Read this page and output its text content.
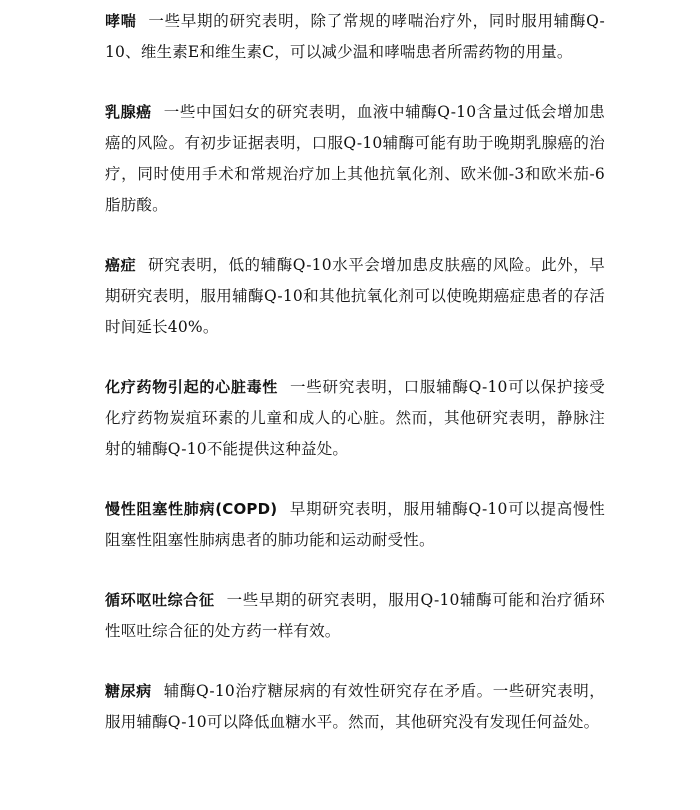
哮喘 一些早期的研究表明，除了常规的哮喘治疗外，同时服用辅酶Q-10、维生素E和维生素C，可以减少温和哮喘患者所需药物的用量。

乳腺癌 一些中国妇女的研究表明，血液中辅酶Q-10含量过低会增加患癌的风险。有初步证据表明，口服Q-10辅酶可能有助于晚期乳腺癌的治疗，同时使用手术和常规治疗加上其他抗氧化剂、欧米伽-3和欧米茄-6脂肪酸。

癌症 研究表明，低的辅酶Q-10水平会增加患皮肤癌的风险。此外，早期研究表明，服用辅酶Q-10和其他抗氧化剂可以使晚期癌症患者的存活时间延长40%。

化疗药物引起的心脏毒性 一些研究表明，口服辅酶Q-10可以保护接受化疗药物炭疽环素的儿童和成人的心脏。然而，其他研究表明，静脉注射的辅酶Q-10不能提供这种益处。

慢性阻塞性肺病(COPD) 早期研究表明，服用辅酶Q-10可以提高慢性阻塞性阻塞性肺病患者的肺功能和运动耐受性。

循环呕吐综合征 一些早期的研究表明，服用Q-10辅酶可能和治疗循环性呕吐综合征的处方药一样有效。

糖尿病 辅酶Q-10治疗糖尿病的有效性研究存在矛盾。一些研究表明，服用辅酶Q-10可以降低血糖水平。然而，其他研究没有发现任何益处。
